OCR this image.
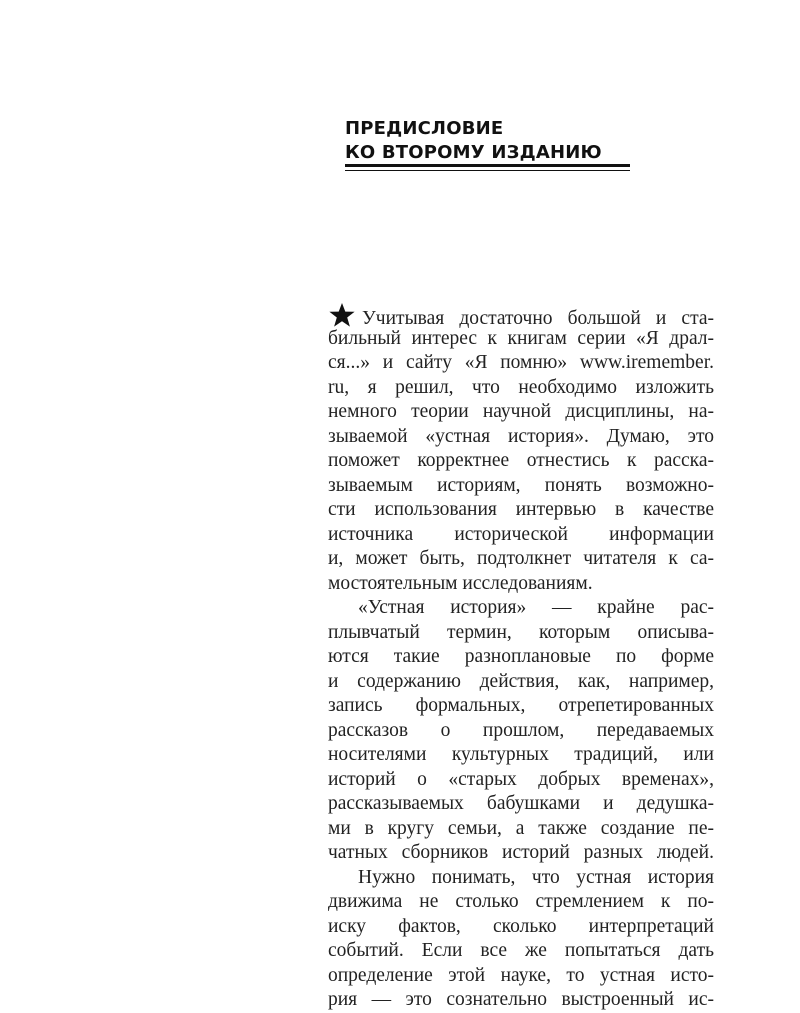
ПРЕДИСЛОВИЕ
КО ВТОРОМУ ИЗДАНИЮ
Учитывая достаточно большой и ста-
бильный интерес к книгам серии «Я драл-
ся...» и сайту «Я помню» www.iremember.
ru, я решил, что необходимо изложить
немного теории научной дисциплины, на-
зываемой «устная история». Думаю, это
поможет корректнее отнестись к расска-
зываемым историям, понять возможно-
сти использования интервью в качестве
источника исторической информации
и, может быть, подтолкнет читателя к са-
мостоятельным исследованиям.
«Устная история» — крайне рас-
плывчатый термин, которым описыва-
ются такие разноплановые по форме
и содержанию действия, как, например,
запись формальных, отрепетированных
рассказов о прошлом, передаваемых
носителями культурных традиций, или
историй о «старых добрых временах»,
рассказываемых бабушками и дедушка-
ми в кругу семьи, а также создание пе-
чатных сборников историй разных людей.
Нужно понимать, что устная история
движима не столько стремлением к по-
иску фактов, сколько интерпретаций
событий. Если все же попытаться дать
определение этой науке, то устная исто-
рия — это сознательно выстроенный ис-
